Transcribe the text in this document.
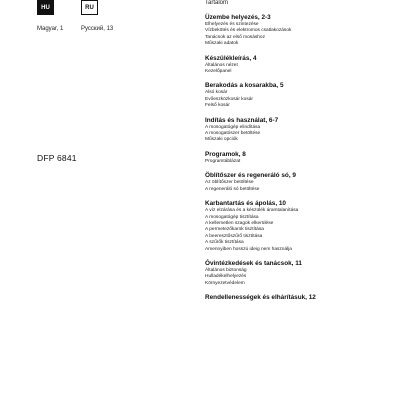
HU	RU
Magyar, 1	Русский, 13
DFP 6841
Tartalom
Üzembe helyezés, 2-3
Elhelyezés és szintezése
Vízbekötés és elektromos csatlakozások
Tanácsok az első mosáshoz
Műszaki adatok
Készülékleírás, 4
Általános nézet
Kezelőpanel
Berakodás a kosarakba, 5
Alsó kosár
Evőeszközkosár kosár
Felső kosár
Indítás és használat, 6-7
A mosogatógép elindítása
A mosogatószer betöltése
Műszaki opciók
Programok, 8
Programtáblázat
Öblítőszer és regeneráló só, 9
Az öblítőszer betöltése
A regeneráló só betöltése
Karbantartás és ápolás, 10
A víz elzárása és a készülék áramtalanítása
A mosogatógép tisztítása
A kellemetlen szagok elkerülése
A permetezőkarok tisztítása
A beeresztőszűrő tisztítása
A szűrők tisztítása
Amennyiben hosszú ideig nem használja
Óvintézkedések és tanácsok, 11
Általános biztonság
Hulladékelhelyezés
Környezetvédelem
Rendellenességek és elhárításuk, 12
